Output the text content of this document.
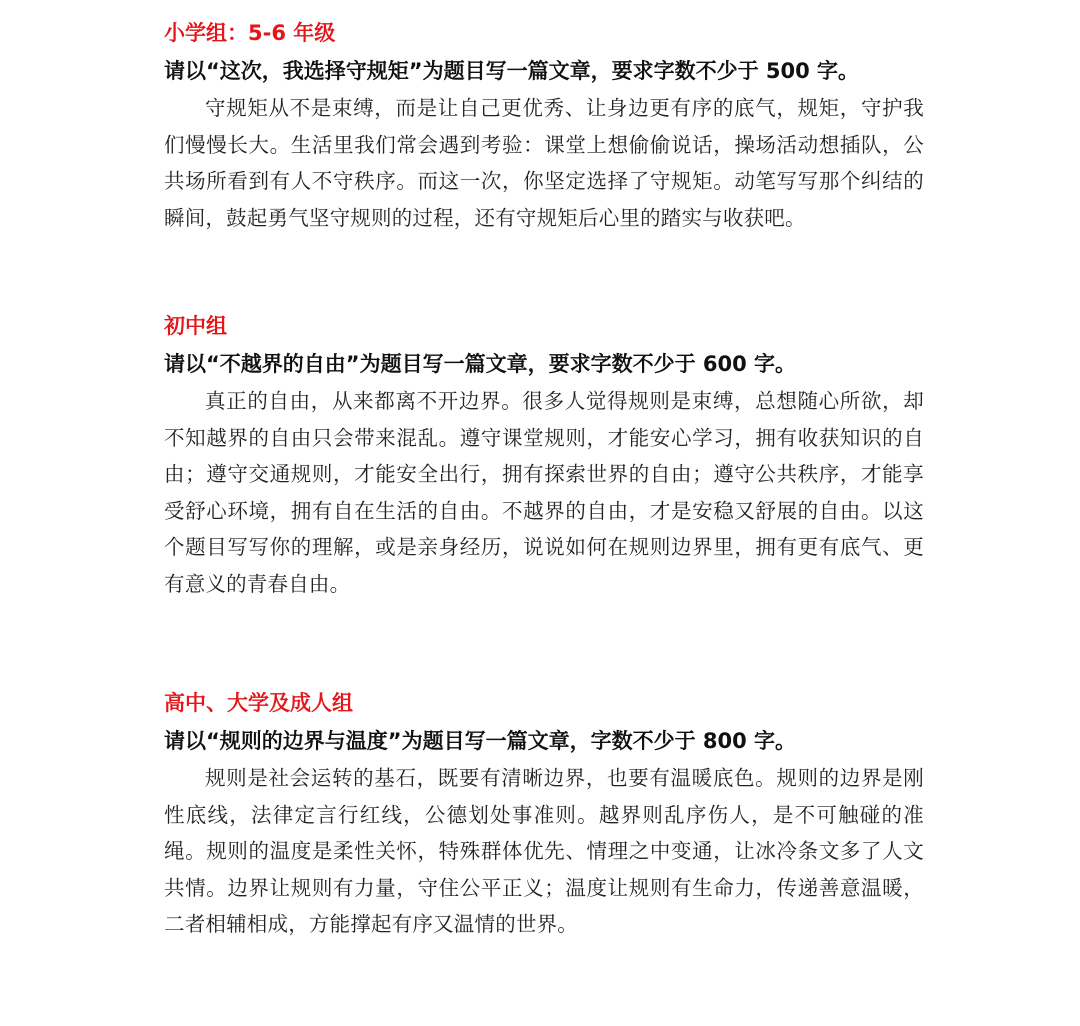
小学组：5-6 年级

请以“这次，我选择守规矩”为题目写一篇文章，要求字数不少于 500 字。

守规矩从不是束缚，而是让自己更优秀、让身边更有序的底气，规矩，守护我们慢慢长大。生活里我们常会遇到考验：课堂上想偷偷说话，操场活动想插队，公共场所看到有人不守秩序。而这一次，你坚定选择了守规矩。动笔写写那个纠结的瞬间，鼓起勇气坚守规则的过程，还有守规矩后心里的踏实与收获吧。

初中组

请以“不越界的自由”为题目写一篇文章，要求字数不少于 600 字。

真正的自由，从来都离不开边界。很多人觉得规则是束缚，总想随心所欲，却不知越界的自由只会带来混乱。遵守课堂规则，才能安心学习，拥有收获知识的自由；遵守交通规则，才能安全出行，拥有探索世界的自由；遵守公共秩序，才能享受舒心环境，拥有自在生活的自由。不越界的自由，才是安稳又舒展的自由。以这个题目写写你的理解，或是亲身经历，说说如何在规则边界里，拥有更有底气、更有意义的青春自由。

高中、大学及成人组

请以“规则的边界与温度”为题目写一篇文章，字数不少于 800 字。

规则是社会运转的基石，既要有清晰边界，也要有温暖底色。规则的边界是刚性底线，法律定言行红线，公德划处事准则。越界则乱序伤人，是不可触碰的准绳。规则的温度是柔性关怀，特殊群体优先、情理之中变通，让冰冷条文多了人文共情。边界让规则有力量，守住公平正义；温度让规则有生命力，传递善意温暖，二者相辅相成，方能撑起有序又温情的世界。
